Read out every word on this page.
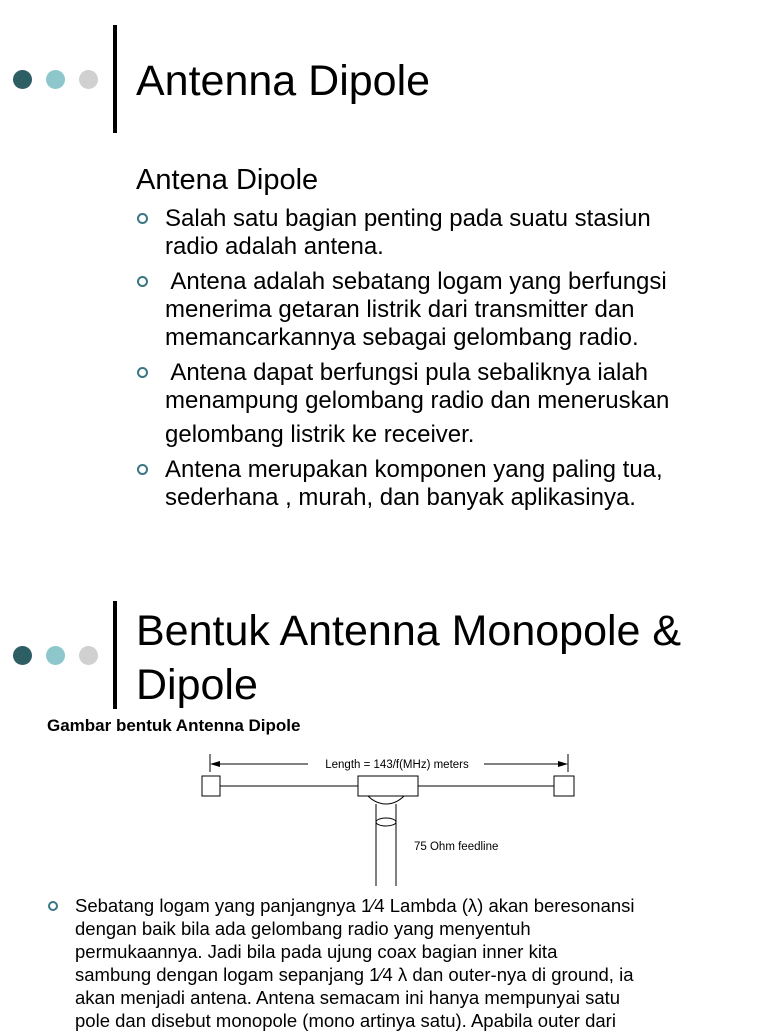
Antenna Dipole
Antena Dipole
Salah satu bagian penting pada suatu stasiun
radio adalah antena.
Antena adalah sebatang logam yang berfungsi
menerima getaran listrik dari transmitter dan
memancarkannya sebagai gelombang radio.
Antena dapat berfungsi pula sebaliknya ialah
menampung gelombang radio dan meneruskan
gelombang listrik ke receiver.
Antena merupakan komponen yang paling tua,
sederhana , murah, dan banyak aplikasinya.
Bentuk Antenna Monopole &
Dipole

Gambar bentuk Antenna Dipole

Length = 143/f(MHz) meters
75 Ohm feedline
Sebatang logam yang panjangnya 1⁄4 Lambda (λ) akan beresonansi
dengan baik bila ada gelombang radio yang menyentuh
permukaannya. Jadi bila pada ujung coax bagian inner kita
sambung dengan logam sepanjang 1⁄4 λ dan outer-nya di ground, ia
akan menjadi antena. Antena semacam ini hanya mempunyai satu
pole dan disebut monopole (mono artinya satu). Apabila outer dari
